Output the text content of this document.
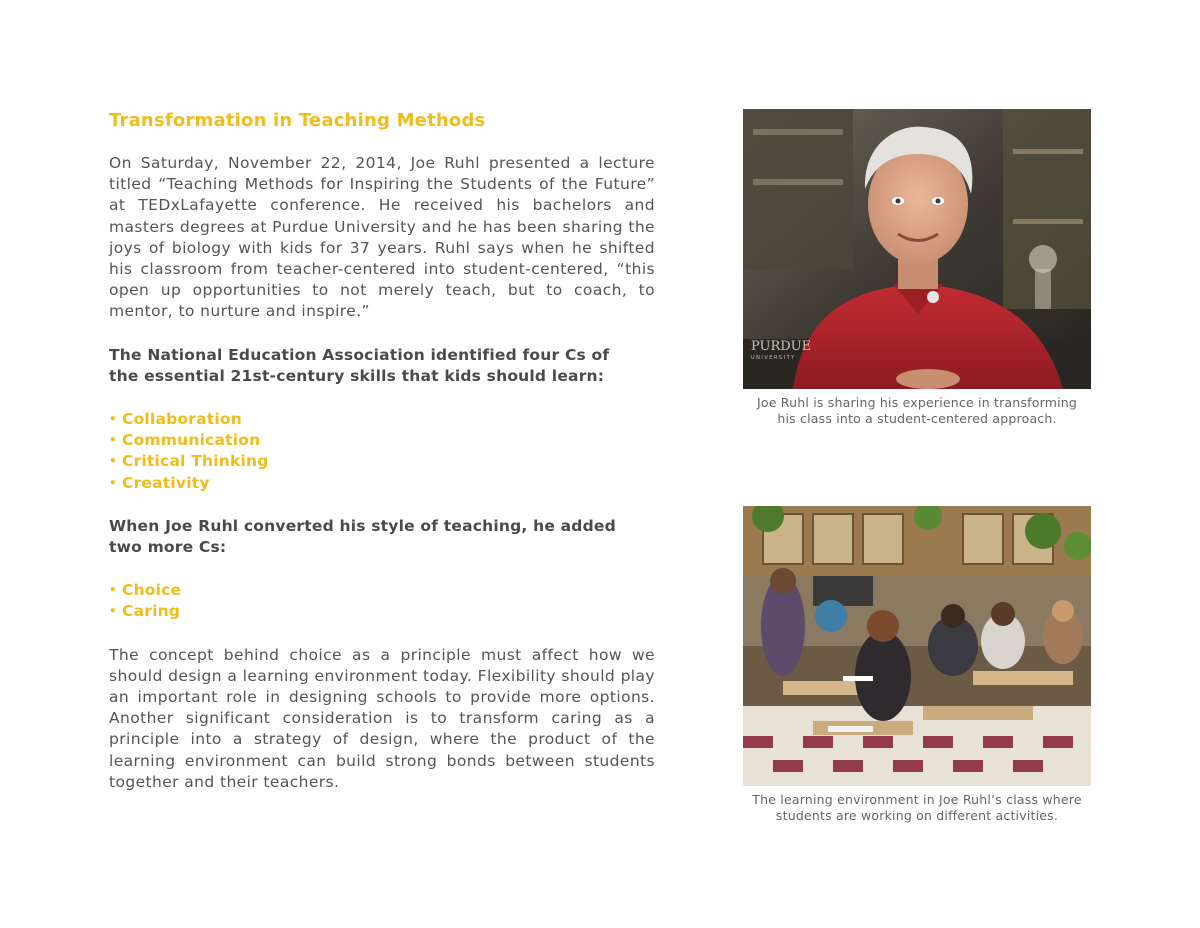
Transformation in Teaching Methods

On Saturday, November 22, 2014, Joe Ruhl presented a lecture titled “Teaching Methods for Inspiring the Students of the Future” at TEDxLafayette conference. He received his bachelors and masters degrees at Purdue University and he has been sharing the joys of biology with kids for 37 years. Ruhl says when he shifted his classroom from teacher-centered into student-centered, “this open up opportunities to not merely teach, but to coach, to mentor, to nurture and inspire.”

The National Education Association identified four Cs of
the essential 21st-century skills that kids should learn:

• Collaboration
• Communication
• Critical Thinking
• Creativity

When Joe Ruhl converted his style of teaching, he added
two more Cs:

• Choice
• Caring

The concept behind choice as a principle must affect how we should design a learning environment today. Flexibility should play an important role in designing schools to provide more options. Another significant consideration is to transform caring as a principle into a strategy of design, where the product of the learning environment can build strong bonds between students together and their teachers.

PURDUE
UNIVERSITY

Joe Ruhl is sharing his experience in transforming
his class into a student-centered approach.

The learning environment in Joe Ruhl’s class where
students are working on different activities.
